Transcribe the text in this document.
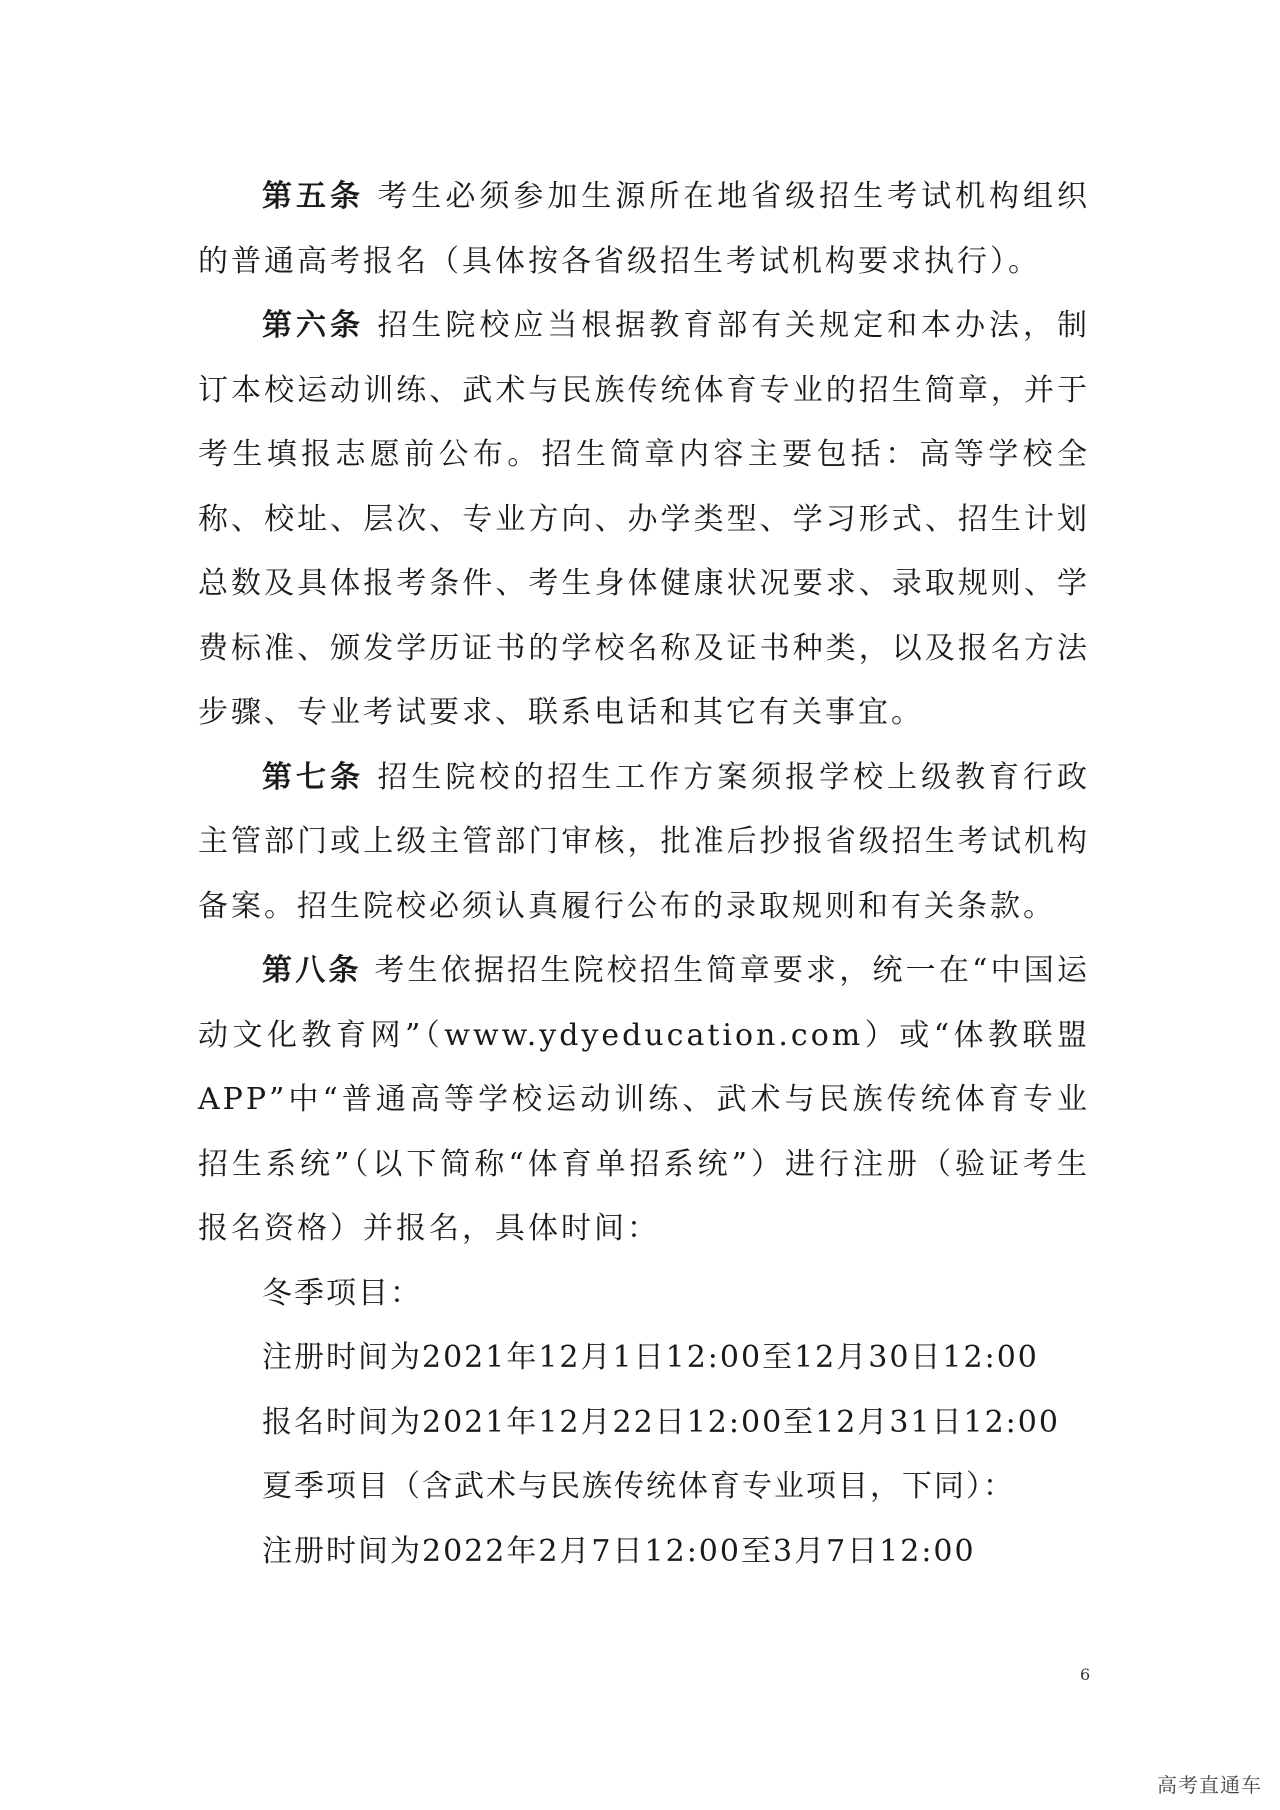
第五条 考生必须参加生源所在地省级招生考试机构组织的普通高考报名（具体按各省级招生考试机构要求执行）。

第六条 招生院校应当根据教育部有关规定和本办法，制订本校运动训练、武术与民族传统体育专业的招生简章，并于考生填报志愿前公布。招生简章内容主要包括：高等学校全称、校址、层次、专业方向、办学类型、学习形式、招生计划总数及具体报考条件、考生身体健康状况要求、录取规则、学费标准、颁发学历证书的学校名称及证书种类，以及报名方法步骤、专业考试要求、联系电话和其它有关事宜。

第七条 招生院校的招生工作方案须报学校上级教育行政主管部门或上级主管部门审核，批准后抄报省级招生考试机构备案。招生院校必须认真履行公布的录取规则和有关条款。

第八条 考生依据招生院校招生简章要求，统一在“中国运动文化教育网”（www.ydyeducation.com）或“体教联盟APP”中“普通高等学校运动训练、武术与民族传统体育专业招生系统”（以下简称“体育单招系统”）进行注册（验证考生报名资格）并报名，具体时间：

冬季项目：

注册时间为2021年12月1日12:00至12月30日12:00

报名时间为2021年12月22日12:00至12月31日12:00

夏季项目（含武术与民族传统体育专业项目，下同）：

注册时间为2022年2月7日12:00至3月7日12:00

6
高考直通车
